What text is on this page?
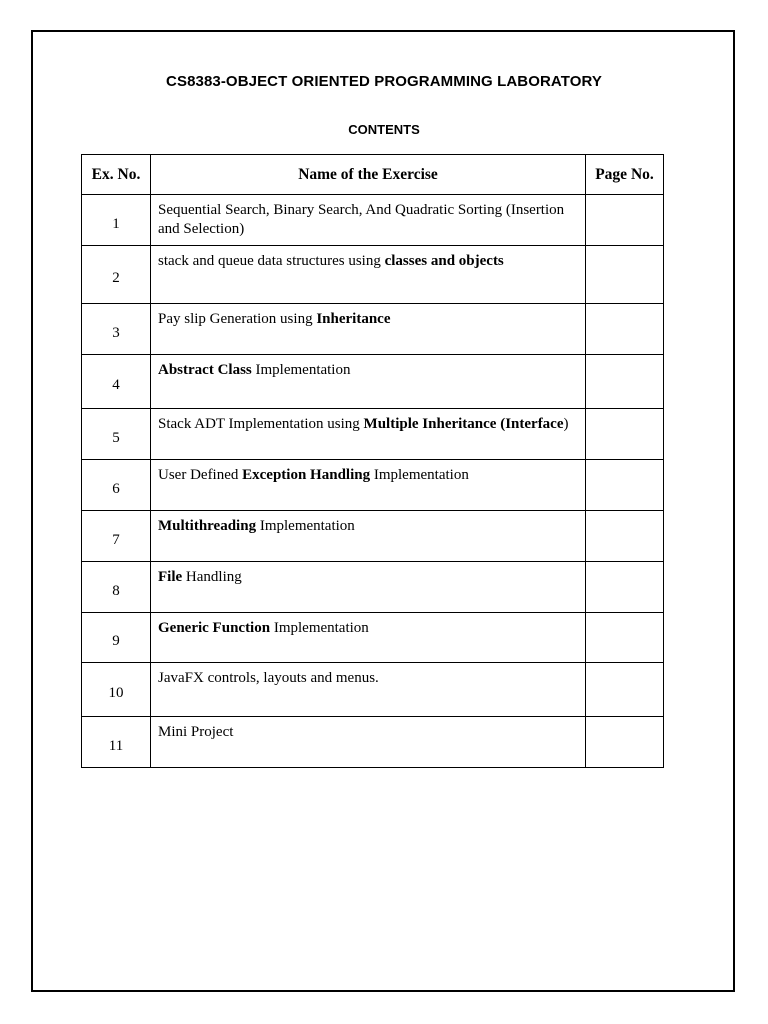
CS8383-OBJECT ORIENTED PROGRAMMING LABORATORY
CONTENTS
Ex. No.	Name of the Exercise	Page No.
1	Sequential Search, Binary Search, And Quadratic Sorting (Insertion and Selection)	
2	stack and queue data structures using classes and objects	
3	Pay slip Generation using Inheritance	
4	Abstract Class Implementation	
5	Stack ADT Implementation using Multiple Inheritance (Interface)	
6	User Defined Exception Handling Implementation	
7	Multithreading Implementation	
8	File Handling	
9	Generic Function Implementation	
10	JavaFX controls, layouts and menus.	
11	Mini Project	
